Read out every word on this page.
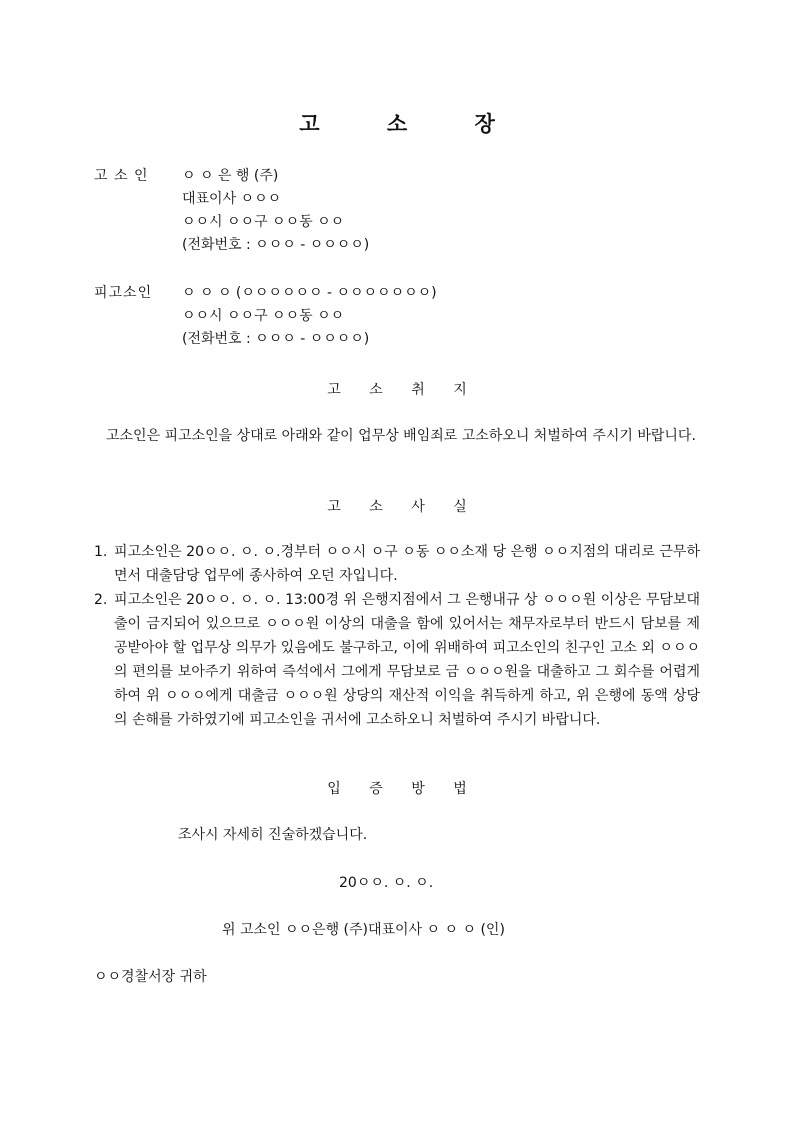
고 소 장
고 소 인 ㅇ ㅇ 은 행 (주)
대표이사 ㅇㅇㅇ
ㅇㅇ시 ㅇㅇ구 ㅇㅇ동 ㅇㅇ
(전화번호 : ㅇㅇㅇ - ㅇㅇㅇㅇ)
피고소인 ㅇ ㅇ ㅇ (ㅇㅇㅇㅇㅇㅇ - ㅇㅇㅇㅇㅇㅇㅇ)
ㅇㅇ시 ㅇㅇ구 ㅇㅇ동 ㅇㅇ
(전화번호 : ㅇㅇㅇ - ㅇㅇㅇㅇ)
고 소 취 지
고소인은 피고소인을 상대로 아래와 같이 업무상 배임죄로 고소하오니 처벌하여 주시기 바랍니다.
고 소 사 실
1. 피고소인은 20ㅇㅇ. ㅇ. ㅇ.경부터 ㅇㅇ시 ㅇ구 ㅇ동 ㅇㅇ소재 당 은행 ㅇㅇ지점의 대리로 근무하면서 대출담당 업무에 종사하여 오던 자입니다.
2. 피고소인은 20ㅇㅇ. ㅇ. ㅇ. 13:00경 위 은행지점에서 그 은행내규 상 ㅇㅇㅇ원 이상은 무담보대출이 금지되어 있으므로 ㅇㅇㅇ원 이상의 대출을 함에 있어서는 채무자로부터 반드시 담보를 제공받아야 할 업무상 의무가 있음에도 불구하고, 이에 위배하여 피고소인의 친구인 고소 외 ㅇㅇㅇ의 편의를 보아주기 위하여 즉석에서 그에게 무담보로 금 ㅇㅇㅇ원을 대출하고 그 회수를 어렵게 하여 위 ㅇㅇㅇ에게 대출금 ㅇㅇㅇ원 상당의 재산적 이익을 취득하게 하고, 위 은행에 동액 상당의 손해를 가하였기에 피고소인을 귀서에 고소하오니 처벌하여 주시기 바랍니다.
입 증 방 법
조사시 자세히 진술하겠습니다.
20ㅇㅇ. ㅇ. ㅇ.
위 고소인 ㅇㅇ은행 (주)대표이사 ㅇ ㅇ ㅇ (인)
ㅇㅇ경찰서장 귀하
